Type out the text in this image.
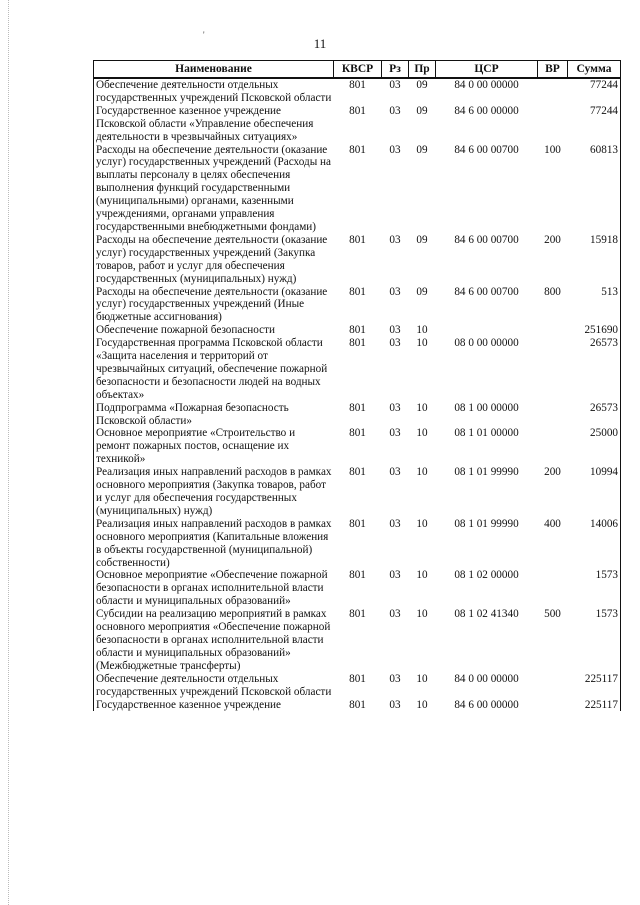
'
11
Наименование	КВСР	Рз	Пр	ЦСР	ВР	Сумма
Обеспечение деятельности отдельных государственных учреждений Псковской области	801	03	09	84 0 00 00000		77244
Государственное казенное учреждение Псковской области «Управление обеспечения деятельности в чрезвычайных ситуациях»	801	03	09	84 6 00 00000		77244
Расходы на обеспечение деятельности (оказание услуг) государственных учреждений (Расходы на выплаты персоналу в целях обеспечения выполнения функций государственными (муниципальными) органами, казенными учреждениями, органами управления государственными внебюджетными фондами)	801	03	09	84 6 00 00700	100	60813
Расходы на обеспечение деятельности (оказание услуг) государственных учреждений (Закупка товаров, работ и услуг для обеспечения государственных (муниципальных) нужд)	801	03	09	84 6 00 00700	200	15918
Расходы на обеспечение деятельности (оказание услуг) государственных учреждений (Иные бюджетные ассигнования)	801	03	09	84 6 00 00700	800	513
Обеспечение пожарной безопасности	801	03	10			251690
Государственная программа Псковской области «Защита населения и территорий от чрезвычайных ситуаций, обеспечение пожарной безопасности и безопасности людей на водных объектах»	801	03	10	08 0 00 00000		26573
Подпрограмма «Пожарная безопасность Псковской области»	801	03	10	08 1 00 00000		26573
Основное мероприятие «Строительство и ремонт пожарных постов, оснащение их техникой»	801	03	10	08 1 01 00000		25000
Реализация иных направлений расходов в рамках основного мероприятия (Закупка товаров, работ и услуг для обеспечения государственных (муниципальных) нужд)	801	03	10	08 1 01 99990	200	10994
Реализация иных направлений расходов в рамках основного мероприятия (Капитальные вложения в объекты государственной (муниципальной) собственности)	801	03	10	08 1 01 99990	400	14006
Основное мероприятие «Обеспечение пожарной безопасности в органах исполнительной власти области и муниципальных образований»	801	03	10	08 1 02 00000		1573
Субсидии на реализацию мероприятий в рамках основного мероприятия «Обеспечение пожарной безопасности в органах исполнительной власти области и муниципальных образований» (Межбюджетные трансферты)	801	03	10	08 1 02 41340	500	1573
Обеспечение деятельности отдельных государственных учреждений Псковской области	801	03	10	84 0 00 00000		225117
Государственное казенное учреждение	801	03	10	84 6 00 00000		225117
